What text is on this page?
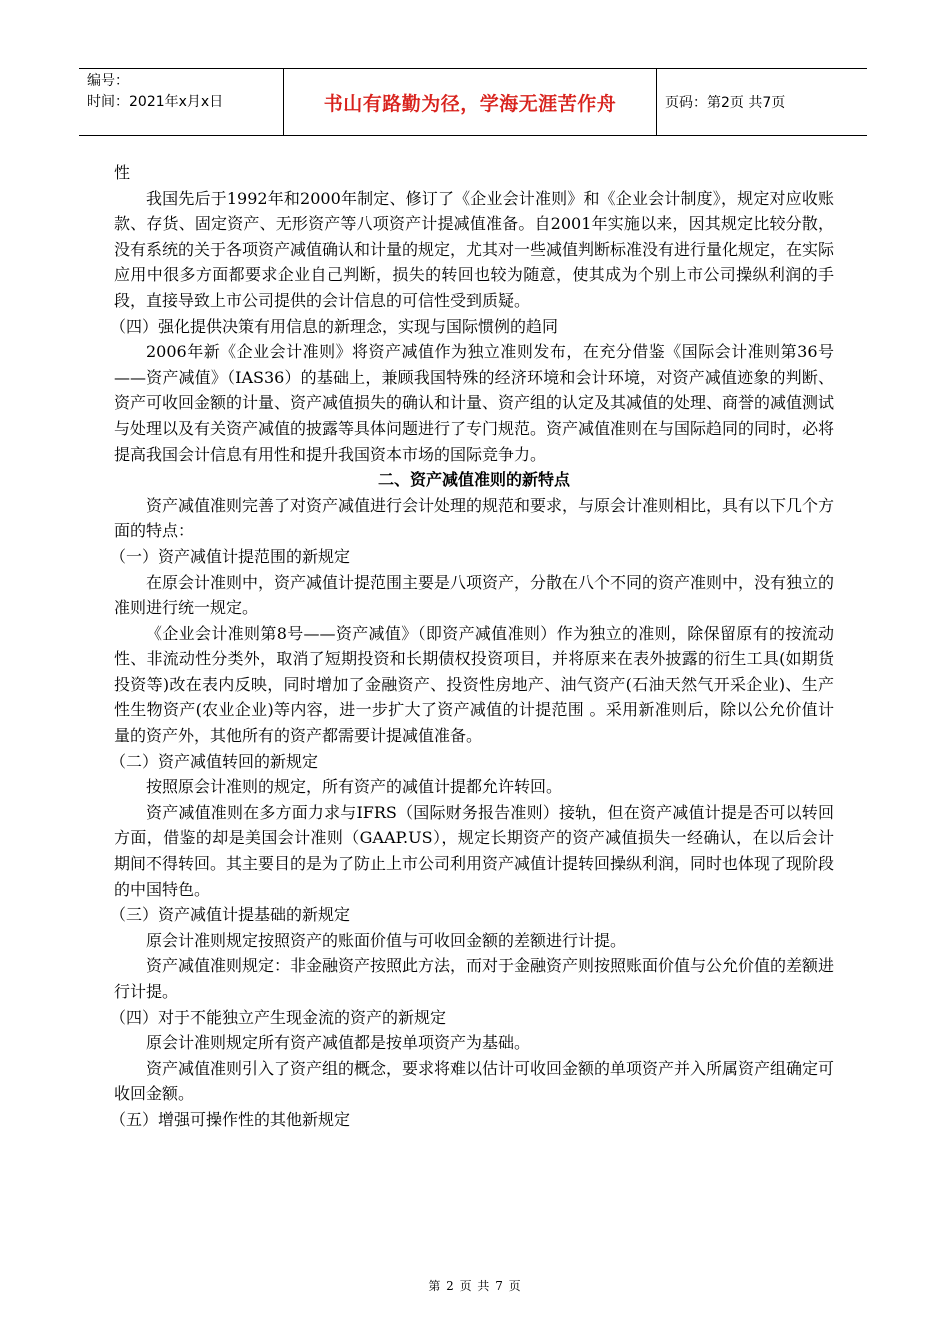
编号：
时间：2021年x月x日	书山有路勤为径，学海无涯苦作舟	页码：第2页 共7页

性

我国先后于1992年和2000年制定、修订了《企业会计准则》和《企业会计制度》，规定对应收账款、存货、固定资产、无形资产等八项资产计提减值准备。自2001年实施以来，因其规定比较分散，没有系统的关于各项资产减值确认和计量的规定，尤其对一些减值判断标准没有进行量化规定，在实际应用中很多方面都要求企业自己判断，损失的转回也较为随意，使其成为个别上市公司操纵利润的手段，直接导致上市公司提供的会计信息的可信性受到质疑。

（四）强化提供决策有用信息的新理念，实现与国际惯例的趋同

2006年新《企业会计准则》将资产减值作为独立准则发布，在充分借鉴《国际会计准则第36号——资产减值》（IAS36）的基础上，兼顾我国特殊的经济环境和会计环境，对资产减值迹象的判断、资产可收回金额的计量、资产减值损失的确认和计量、资产组的认定及其减值的处理、商誉的减值测试与处理以及有关资产减值的披露等具体问题进行了专门规范。资产减值准则在与国际趋同的同时，必将提高我国会计信息有用性和提升我国资本市场的国际竞争力。

二、资产减值准则的新特点

资产减值准则完善了对资产减值进行会计处理的规范和要求，与原会计准则相比，具有以下几个方面的特点：

（一）资产减值计提范围的新规定

在原会计准则中，资产减值计提范围主要是八项资产，分散在八个不同的资产准则中，没有独立的准则进行统一规定。

《企业会计准则第8号——资产减值》（即资产减值准则）作为独立的准则，除保留原有的按流动性、非流动性分类外，取消了短期投资和长期债权投资项目，并将原来在表外披露的衍生工具(如期货投资等)改在表内反映，同时增加了金融资产、投资性房地产、油气资产(石油天然气开采企业)、生产性生物资产(农业企业)等内容，进一步扩大了资产减值的计提范围 。采用新准则后，除以公允价值计量的资产外，其他所有的资产都需要计提减值准备。

（二）资产减值转回的新规定

按照原会计准则的规定，所有资产的减值计提都允许转回。

资产减值准则在多方面力求与IFRS（国际财务报告准则）接轨，但在资产减值计提是否可以转回方面，借鉴的却是美国会计准则（GAAP.US），规定长期资产的资产减值损失一经确认，在以后会计期间不得转回。其主要目的是为了防止上市公司利用资产减值计提转回操纵利润，同时也体现了现阶段的中国特色。

（三）资产减值计提基础的新规定

原会计准则规定按照资产的账面价值与可收回金额的差额进行计提。

资产减值准则规定：非金融资产按照此方法，而对于金融资产则按照账面价值与公允价值的差额进行计提。

（四）对于不能独立产生现金流的资产的新规定

原会计准则规定所有资产减值都是按单项资产为基础。

资产减值准则引入了资产组的概念，要求将难以估计可收回金额的单项资产并入所属资产组确定可收回金额。

（五）增强可操作性的其他新规定

第 2 页 共 7 页
